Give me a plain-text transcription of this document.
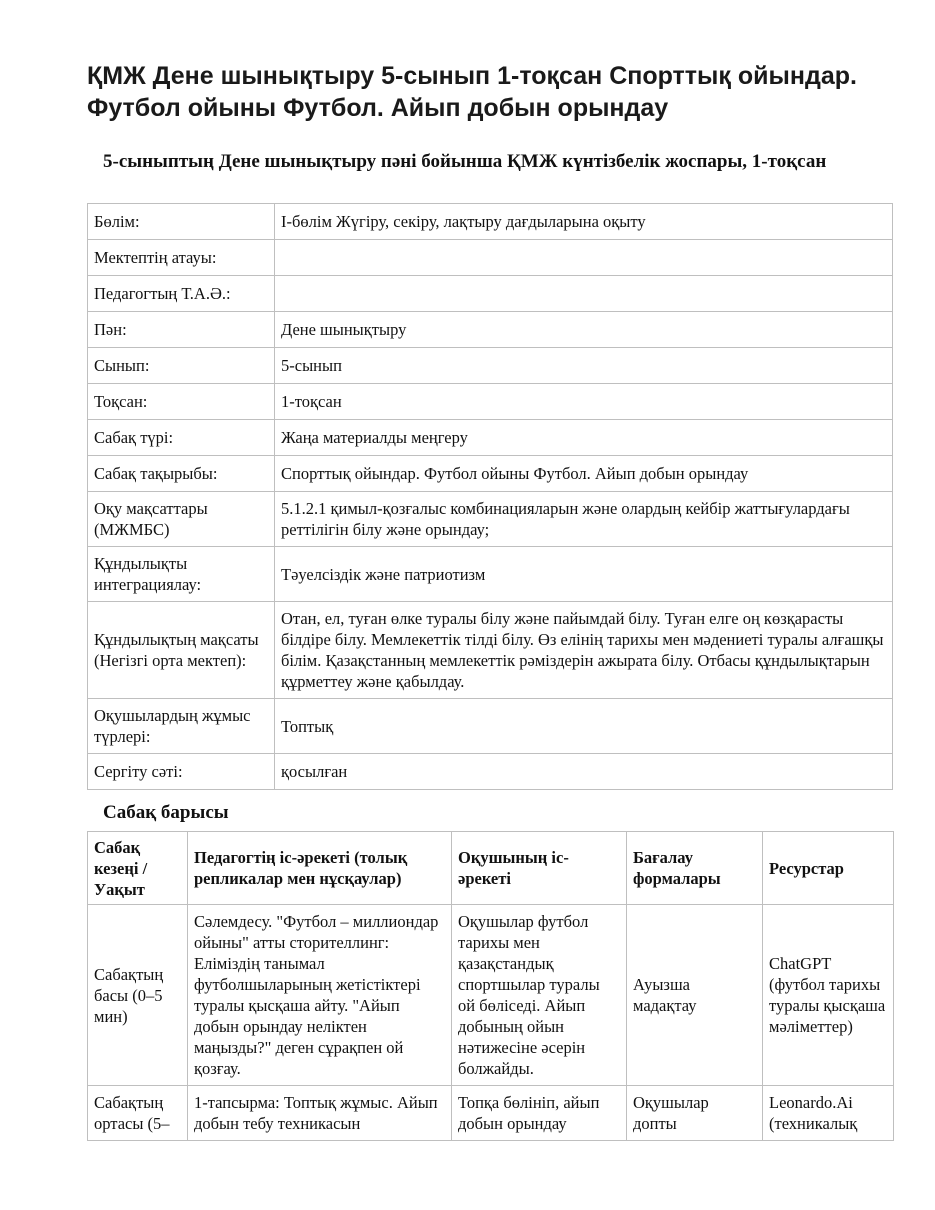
ҚМЖ Дене шынықтыру 5-сынып 1-тоқсан Спорттық ойындар. Футбол ойыны Футбол. Айып добын орындау
5-сыныптың Дене шынықтыру пәні бойынша ҚМЖ күнтізбелік жоспары, 1-тоқсан
Бөлім:	І-бөлім Жүгіру, секіру, лақтыру дағдыларына оқыту
Мектептің атауы:	
Педагогтың Т.А.Ә.:	
Пән:	Дене шынықтыру
Сынып:	5-сынып
Тоқсан:	1-тоқсан
Сабақ түрі:	Жаңа материалды меңгеру
Сабақ тақырыбы:	Спорттық ойындар. Футбол ойыны Футбол. Айып добын орындау
Оқу мақсаттары (МЖМБС)	5.1.2.1 қимыл-қозғалыс комбинацияларын және олардың кейбір жаттығулардағы реттілігін білу және орындау;
Құндылықты интеграциялау:	Тәуелсіздік және патриотизм
Құндылықтың мақсаты (Негізгі орта мектеп):	Отан, ел, туған өлке туралы білу және пайымдай білу. Туған елге оң көзқарасты білдіре білу. Мемлекеттік тілді білу. Өз елінің тарихы мен мәдениеті туралы алғашқы білім. Қазақстанның мемлекеттік рәміздерін ажырата білу. Отбасы құндылықтарын құрметтеу және қабылдау.
Оқушылардың жұмыс түрлері:	Топтық
Сергіту сәті:	қосылған
Сабақ барысы
Сабақ кезеңі / Уақыт	Педагогтің іс-әрекеті (толық репликалар мен нұсқаулар)	Оқушының іс-әрекеті	Бағалау формалары	Ресурстар
Сабақтың басы (0–5 мин)	Сәлемдесу. "Футбол – миллиондар ойыны" атты сторителлинг: Еліміздің танымал футболшыларының жетістіктері туралы қысқаша айту. "Айып добын орындау неліктен маңызды?" деген сұрақпен ой қозғау.	Оқушылар футбол тарихы мен қазақстандық спортшылар туралы ой бөліседі. Айып добының ойын нәтижесіне әсерін болжайды.	Ауызша мадақтау	ChatGPT (футбол тарихы туралы қысқаша мәліметтер)
Сабақтың ортасы (5–	1-тапсырма: Топтық жұмыс. Айып добын тебу техникасын	Топқа бөлініп, айып добын орындау	Оқушылар допты	Leonardo.Ai (техникалық
